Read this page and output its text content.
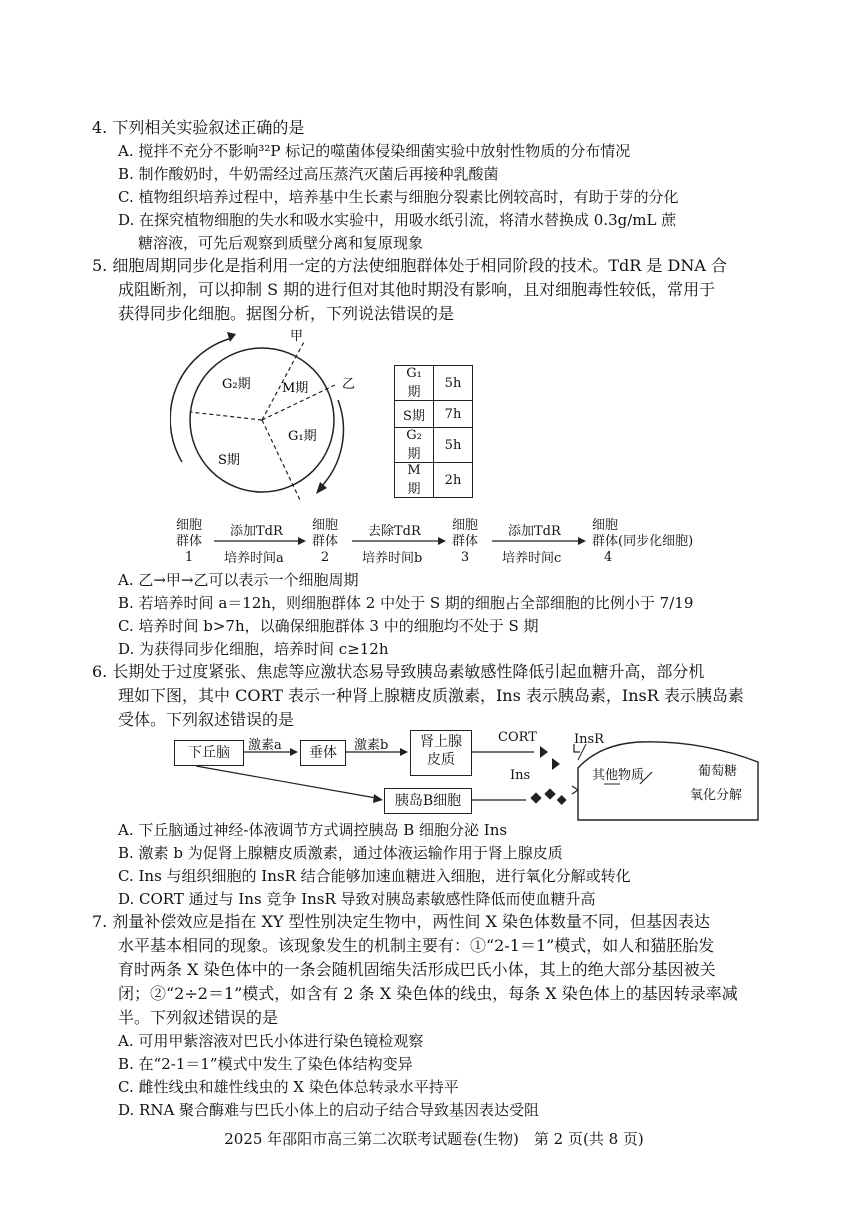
4. 下列相关实验叙述正确的是
A. 搅拌不充分不影响³²P 标记的噬菌体侵染细菌实验中放射性物质的分布情况
B. 制作酸奶时，牛奶需经过高压蒸汽灭菌后再接种乳酸菌
C. 植物组织培养过程中，培养基中生长素与细胞分裂素比例较高时，有助于芽的分化
D. 在探究植物细胞的失水和吸水实验中，用吸水纸引流，将清水替换成 0.3g/mL 蔗
糖溶液，可先后观察到质壁分离和复原现象
5. 细胞周期同步化是指利用一定的方法使细胞群体处于相同阶段的技术。TdR 是 DNA 合
成阻断剂，可以抑制 S 期的进行但对其他时期没有影响，且对细胞毒性较低，常用于
获得同步化细胞。据图分析，下列说法错误的是
甲
乙
G₂期 M期
G₁期
S期
G₁期	5h
S期	7h
G₂期	5h
M期	2h
细胞
群体
1
添加TdR
培养时间a
细胞
群体
2
去除TdR
培养时间b
细胞
群体
3
添加TdR
培养时间c
细胞
群体(同步化细胞)
4
A. 乙→甲→乙可以表示一个细胞周期
B. 若培养时间 a＝12h，则细胞群体 2 中处于 S 期的细胞占全部细胞的比例小于 7/19
C. 培养时间 b>7h，以确保细胞群体 3 中的细胞均不处于 S 期
D. 为获得同步化细胞，培养时间 c≥12h
6. 长期处于过度紧张、焦虑等应激状态易导致胰岛素敏感性降低引起血糖升高，部分机
理如下图，其中 CORT 表示一种肾上腺糖皮质激素，Ins 表示胰岛素，InsR 表示胰岛素
受体。下列叙述错误的是
下丘脑	激素a	垂体	激素b	肾上腺
皮质
胰岛B细胞
CORT	InsR
Ins	其他物质	葡萄糖
氧化分解
A. 下丘脑通过神经-体液调节方式调控胰岛 B 细胞分泌 Ins
B. 激素 b 为促肾上腺糖皮质激素，通过体液运输作用于肾上腺皮质
C. Ins 与组织细胞的 InsR 结合能够加速血糖进入细胞，进行氧化分解或转化
D. CORT 通过与 Ins 竞争 InsR 导致对胰岛素敏感性降低而使血糖升高
7. 剂量补偿效应是指在 XY 型性别决定生物中，两性间 X 染色体数量不同，但基因表达
水平基本相同的现象。该现象发生的机制主要有：①“2-1＝1”模式，如人和猫胚胎发
育时两条 X 染色体中的一条会随机固缩失活形成巴氏小体，其上的绝大部分基因被关
闭；②“2÷2＝1”模式，如含有 2 条 X 染色体的线虫，每条 X 染色体上的基因转录率减
半。下列叙述错误的是
A. 可用甲紫溶液对巴氏小体进行染色镜检观察
B. 在“2-1＝1”模式中发生了染色体结构变异
C. 雌性线虫和雄性线虫的 X 染色体总转录水平持平
D. RNA 聚合酶难与巴氏小体上的启动子结合导致基因表达受阻
2025 年邵阳市高三第二次联考试题卷(生物)　第 2 页(共 8 页)
